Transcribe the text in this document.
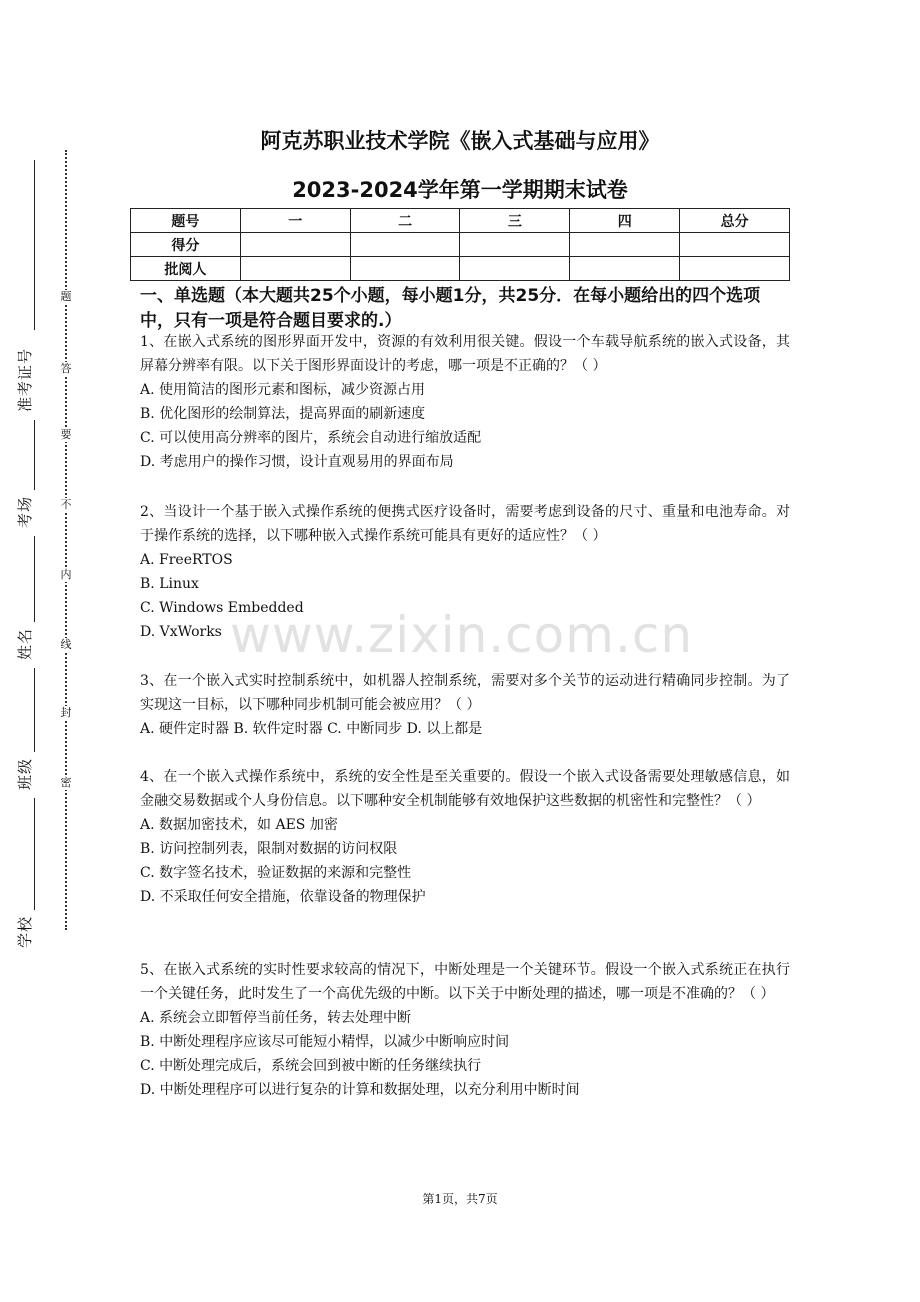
准考证号
考场
姓名
班级
学校
题
答
要
不
内
线
封
密
阿克苏职业技术学院《嵌入式基础与应用》
2023-2024学年第一学期期末试卷
题号	一	二	三	四	总分
得分					
批阅人					
一、单选题（本大题共25个小题，每小题1分，共25分．在每小题给出的四个选项中，只有一项是符合题目要求的.）
1、在嵌入式系统的图形界面开发中，资源的有效利用很关键。假设一个车载导航系统的嵌入式设备，其屏幕分辨率有限。以下关于图形界面设计的考虑，哪一项是不正确的？（ ）
A. 使用简洁的图形元素和图标，减少资源占用
B. 优化图形的绘制算法，提高界面的刷新速度
C. 可以使用高分辨率的图片，系统会自动进行缩放适配
D. 考虑用户的操作习惯，设计直观易用的界面布局
2、当设计一个基于嵌入式操作系统的便携式医疗设备时，需要考虑到设备的尺寸、重量和电池寿命。对于操作系统的选择，以下哪种嵌入式操作系统可能具有更好的适应性？（ ）
A. FreeRTOS
B. Linux
C. Windows Embedded
D. VxWorks
3、在一个嵌入式实时控制系统中，如机器人控制系统，需要对多个关节的运动进行精确同步控制。为了实现这一目标，以下哪种同步机制可能会被应用？（ ）
A. 硬件定时器 B. 软件定时器 C. 中断同步 D. 以上都是
4、在一个嵌入式操作系统中，系统的安全性是至关重要的。假设一个嵌入式设备需要处理敏感信息，如金融交易数据或个人身份信息。以下哪种安全机制能够有效地保护这些数据的机密性和完整性？（ ）
A. 数据加密技术，如 AES 加密
B. 访问控制列表，限制对数据的访问权限
C. 数字签名技术，验证数据的来源和完整性
D. 不采取任何安全措施，依靠设备的物理保护
5、在嵌入式系统的实时性要求较高的情况下，中断处理是一个关键环节。假设一个嵌入式系统正在执行一个关键任务，此时发生了一个高优先级的中断。以下关于中断处理的描述，哪一项是不准确的？（ ）
A. 系统会立即暂停当前任务，转去处理中断
B. 中断处理程序应该尽可能短小精悍，以减少中断响应时间
C. 中断处理完成后，系统会回到被中断的任务继续执行
D. 中断处理程序可以进行复杂的计算和数据处理，以充分利用中断时间
www.zixin.com.cn
第1页，共7页
